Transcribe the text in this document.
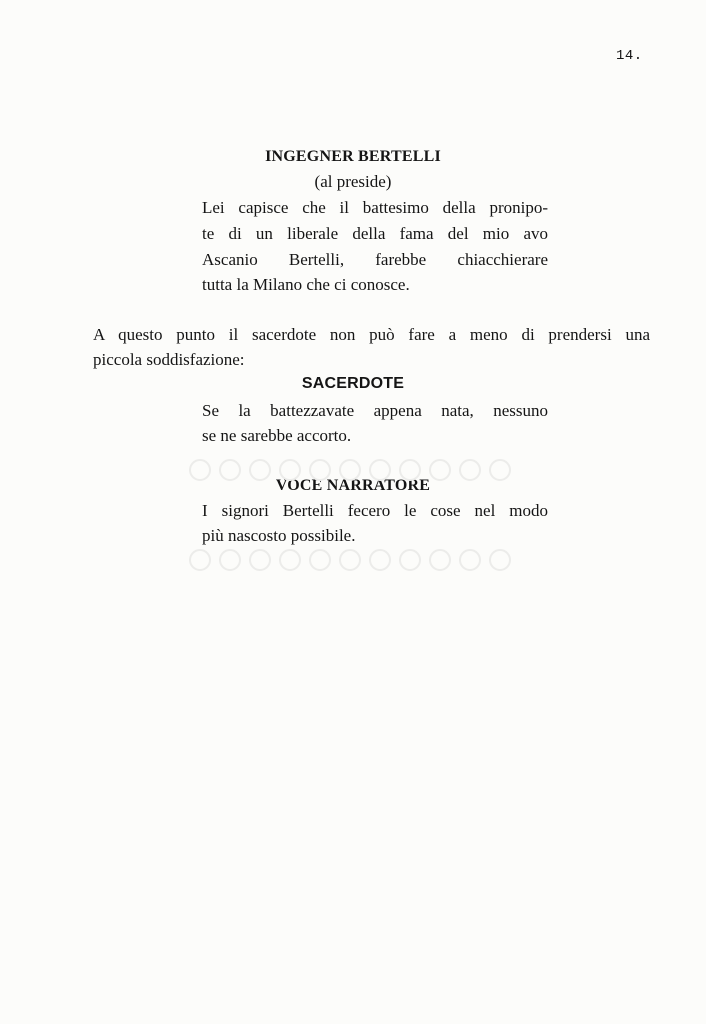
14.
INGEGNER BERTELLI
(al preside)
Lei capisce che il battesimo della pronipo-
te di un liberale della fama del mio avo
Ascanio Bertelli, farebbe chiacchierare
tutta la Milano che ci conosce.
A questo punto il sacerdote non può fare a meno di prendersi una
piccola soddisfazione:
SACERDOTE
Se la battezzavate appena nata, nessuno
se ne sarebbe accorto.
VOCE NARRATORE
I signori Bertelli fecero le cose nel modo
più nascosto possibile.
